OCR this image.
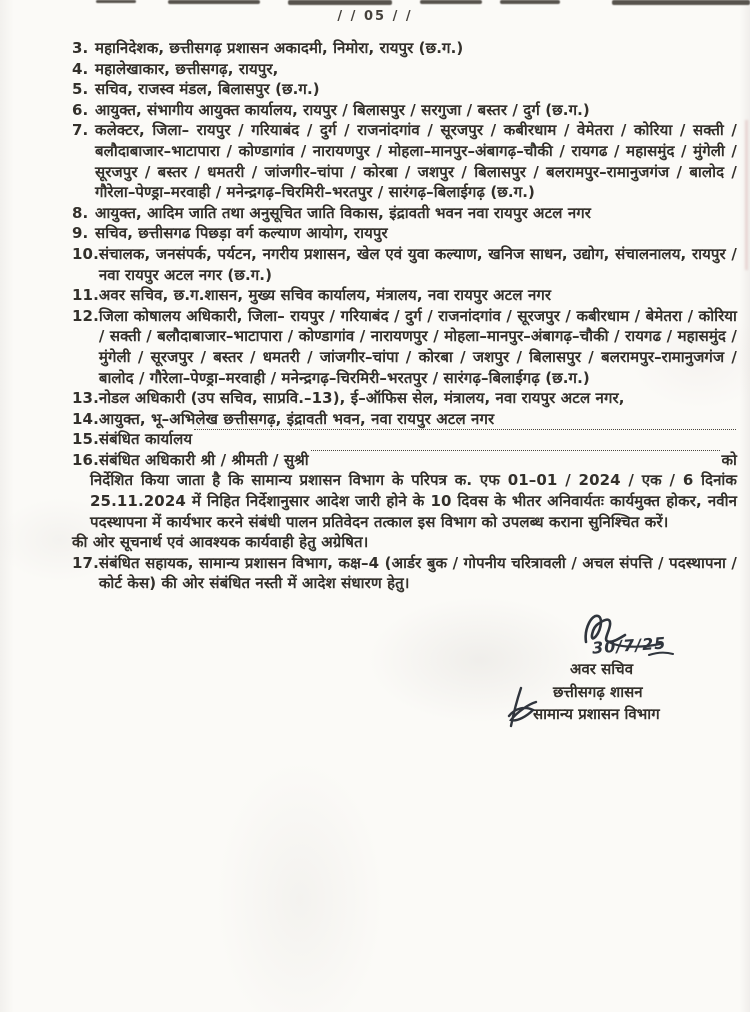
/ / 05 / /
3. महानिदेशक, छत्तीसगढ़ प्रशासन अकादमी, निमोरा, रायपुर (छ.ग.)
4. महालेखाकार, छत्तीसगढ़, रायपुर,
5. सचिव, राजस्व मंडल, बिलासपुर (छ.ग.)
6. आयुक्त, संभागीय आयुक्त कार्यालय, रायपुर / बिलासपुर / सरगुजा / बस्तर / दुर्ग (छ.ग.)
7. कलेक्टर, जिला– रायपुर / गरियाबंद / दुर्ग / राजनांदगांव / सूरजपुर / कबीरधाम / वेमेतरा / कोरिया / सक्ती / बलौदाबाजार–भाटापारा / कोण्डागांव / नारायणपुर / मोहला–मानपुर–अंबागढ़–चौकी / रायगढ / महासमुंद / मुंगेली / सूरजपुर / बस्तर / धमतरी / जांजगीर–चांपा / कोरबा / जशपुर / बिलासपुर / बलरामपुर–रामानुजगंज / बालोद / गौरेला–पेण्ड्रा–मरवाही / मनेन्द्रगढ़–चिरमिरी–भरतपुर / सारंगढ़–बिलाईगढ़ (छ.ग.)
8. आयुक्त, आदिम जाति तथा अनुसूचित जाति विकास, इंद्रावती भवन नवा रायपुर अटल नगर
9. सचिव, छत्तीसगढ पिछड़ा वर्ग कल्याण आयोग, रायपुर
10. संचालक, जनसंपर्क, पर्यटन, नगरीय प्रशासन, खेल एवं युवा कल्याण, खनिज साधन, उद्योग, संचालनालय, रायपुर / नवा रायपुर अटल नगर (छ.ग.)
11. अवर सचिव, छ.ग.शासन, मुख्य सचिव कार्यालय, मंत्रालय, नवा रायपुर अटल नगर
12. जिला कोषालय अधिकारी, जिला– रायपुर / गरियाबंद / दुर्ग / राजनांदगांव / सूरजपुर / कबीरधाम / बेमेतरा / कोरिया / सक्ती / बलौदाबाजार–भाटापारा / कोण्डागांव / नारायणपुर / मोहला–मानपुर–अंबागढ़–चौकी / रायगढ / महासमुंद / मुंगेली / सूरजपुर / बस्तर / धमतरी / जांजगीर–चांपा / कोरबा / जशपुर / बिलासपुर / बलरामपुर–रामानुजगंज / बालोद / गौरेला–पेण्ड्रा–मरवाही / मनेन्द्रगढ़–चिरमिरी–भरतपुर / सारंगढ़–बिलाईगढ़ (छ.ग.)
13. नोडल अधिकारी (उप सचिव, साप्रवि.–13), ई–ऑफिस सेल, मंत्रालय, नवा रायपुर अटल नगर,
14. आयुक्त, भू–अभिलेख छत्तीसगढ़, इंद्रावती भवन, नवा रायपुर अटल नगर
15. संबंधित कार्यालय
16. संबंधित अधिकारी श्री / श्रीमती / सुश्री	को
निर्देशित किया जाता है कि सामान्य प्रशासन विभाग के परिपत्र क. एफ 01–01 / 2024 / एक / 6 दिनांक 25.11.2024 में निहित निर्देशानुसार आदेश जारी होने के 10 दिवस के भीतर अनिवार्यतः कार्यमुक्त होकर, नवीन पदस्थापना में कार्यभार करने संबंधी पालन प्रतिवेदन तत्काल इस विभाग को उपलब्ध कराना सुनिश्चित करें।
की ओर सूचनार्थ एवं आवश्यक कार्यवाही हेतु अग्रेषित।
17. संबंधित सहायक, सामान्य प्रशासन विभाग, कक्ष–4 (आर्डर बुक / गोपनीय चरित्रावली / अचल संपत्ति / पदस्थापना / कोर्ट केस) की ओर संबंधित नस्ती में आदेश संधारण हेतु।
30/7/25
अवर सचिव
छत्तीसगढ़ शासन
सामान्य प्रशासन विभाग
